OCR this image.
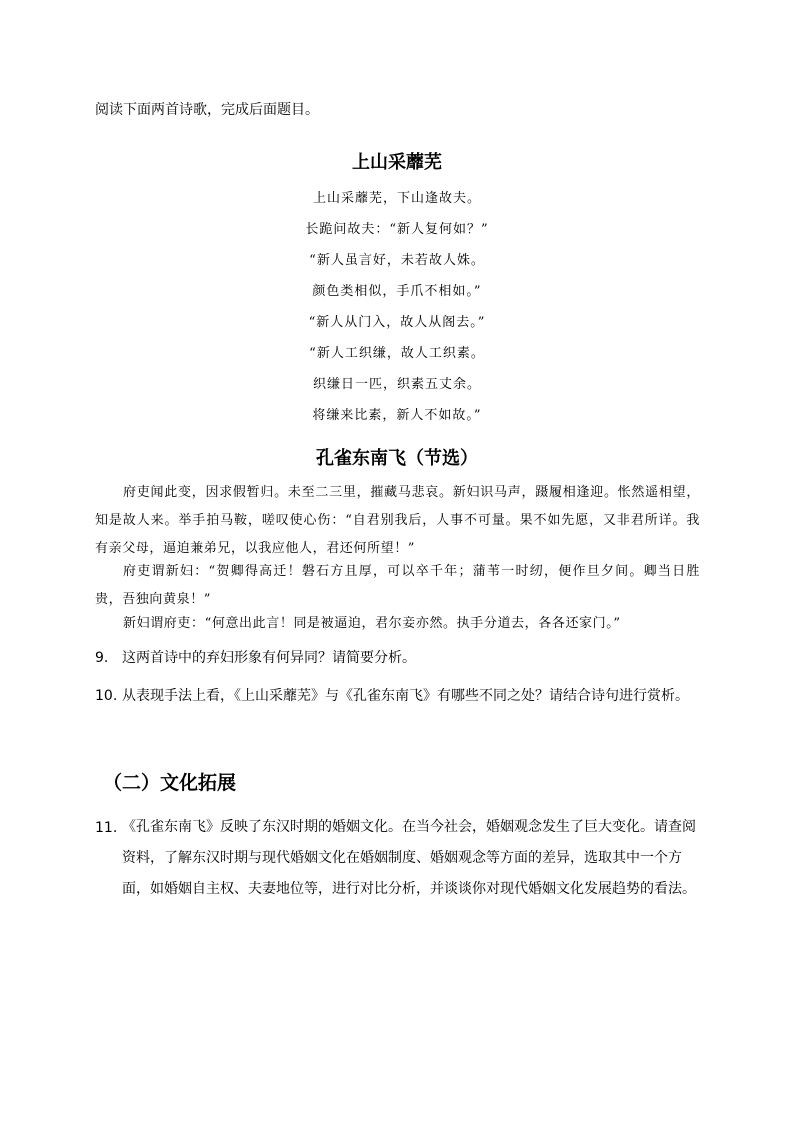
阅读下面两首诗歌，完成后面题目。
上山采蘼芜
上山采蘼芜，下山逢故夫。
长跪问故夫：“新人复何如？”
“新人虽言好，未若故人姝。
颜色类相似，手爪不相如。”
“新人从门入，故人从阁去。”
“新人工织缣，故人工织素。
织缣日一匹，织素五丈余。
将缣来比素，新人不如故。”
孔雀东南飞（节选）
府吏闻此变，因求假暂归。未至二三里，摧藏马悲哀。新妇识马声，蹑履相逢迎。怅然遥相望，知是故人来。举手拍马鞍，嗟叹使心伤：“自君别我后，人事不可量。果不如先愿，又非君所详。我有亲父母，逼迫兼弟兄，以我应他人，君还何所望！”
府吏谓新妇：“贺卿得高迁！磐石方且厚，可以卒千年；蒲苇一时纫，便作旦夕间。卿当日胜贵，吾独向黄泉！”
新妇谓府吏：“何意出此言！同是被逼迫，君尔妾亦然。执手分道去，各各还家门。”
9. 这两首诗中的弃妇形象有何异同？请简要分析。
10. 从表现手法上看，《上山采蘼芜》与《孔雀东南飞》有哪些不同之处？请结合诗句进行赏析。
（二）文化拓展
11. 《孔雀东南飞》反映了东汉时期的婚姻文化。在当今社会，婚姻观念发生了巨大变化。请查阅资料，了解东汉时期与现代婚姻文化在婚姻制度、婚姻观念等方面的差异，选取其中一个方面，如婚姻自主权、夫妻地位等，进行对比分析，并谈谈你对现代婚姻文化发展趋势的看法。
